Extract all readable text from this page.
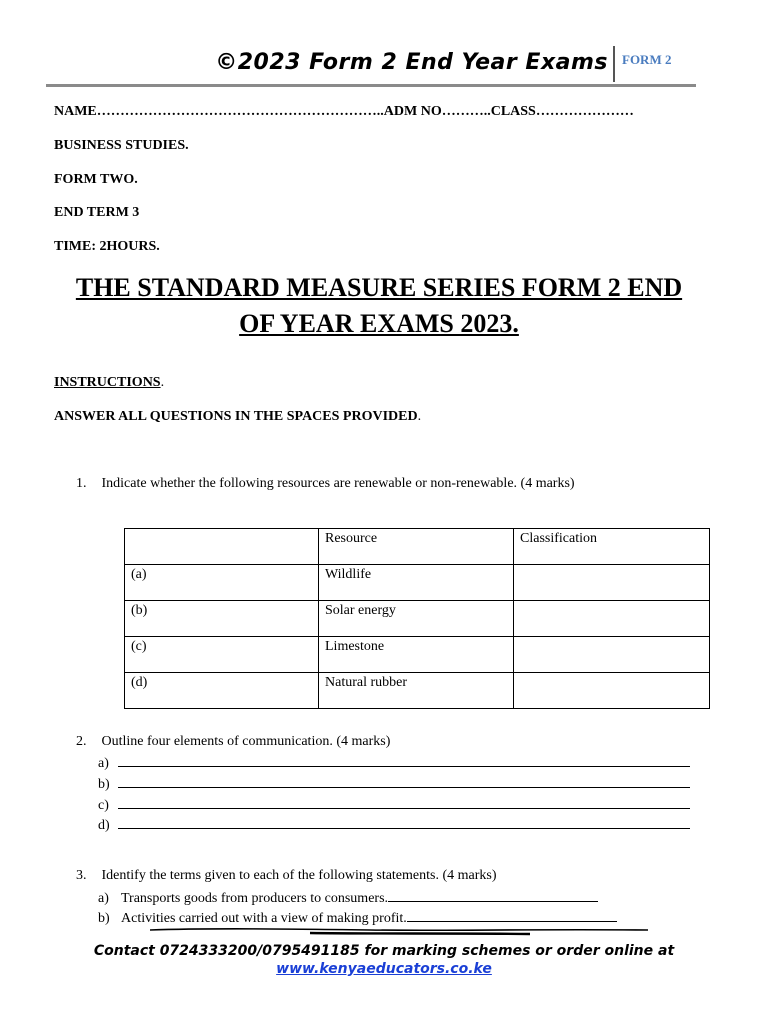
©2023 Form 2 End Year Exams FORM 2
NAME……………………………………………………..ADM NO………..CLASS…………………
BUSINESS STUDIES.
FORM TWO.
END TERM 3
TIME: 2HOURS.
THE STANDARD MEASURE SERIES FORM 2 END
OF YEAR EXAMS 2023.
INSTRUCTIONS.
ANSWER ALL QUESTIONS IN THE SPACES PROVIDED.
1. Indicate whether the following resources are renewable or non-renewable. (4 marks)
	Resource	Classification
(a)	Wildlife	
(b)	Solar energy	
(c)	Limestone	
(d)	Natural rubber	
2. Outline four elements of communication. (4 marks)
a)
b)
c)
d)
3. Identify the terms given to each of the following statements. (4 marks)
a) Transports goods from producers to consumers.
b) Activities carried out with a view of making profit.
Contact 0724333200/0795491185 for marking schemes or order online at
www.kenyaeducators.co.ke
